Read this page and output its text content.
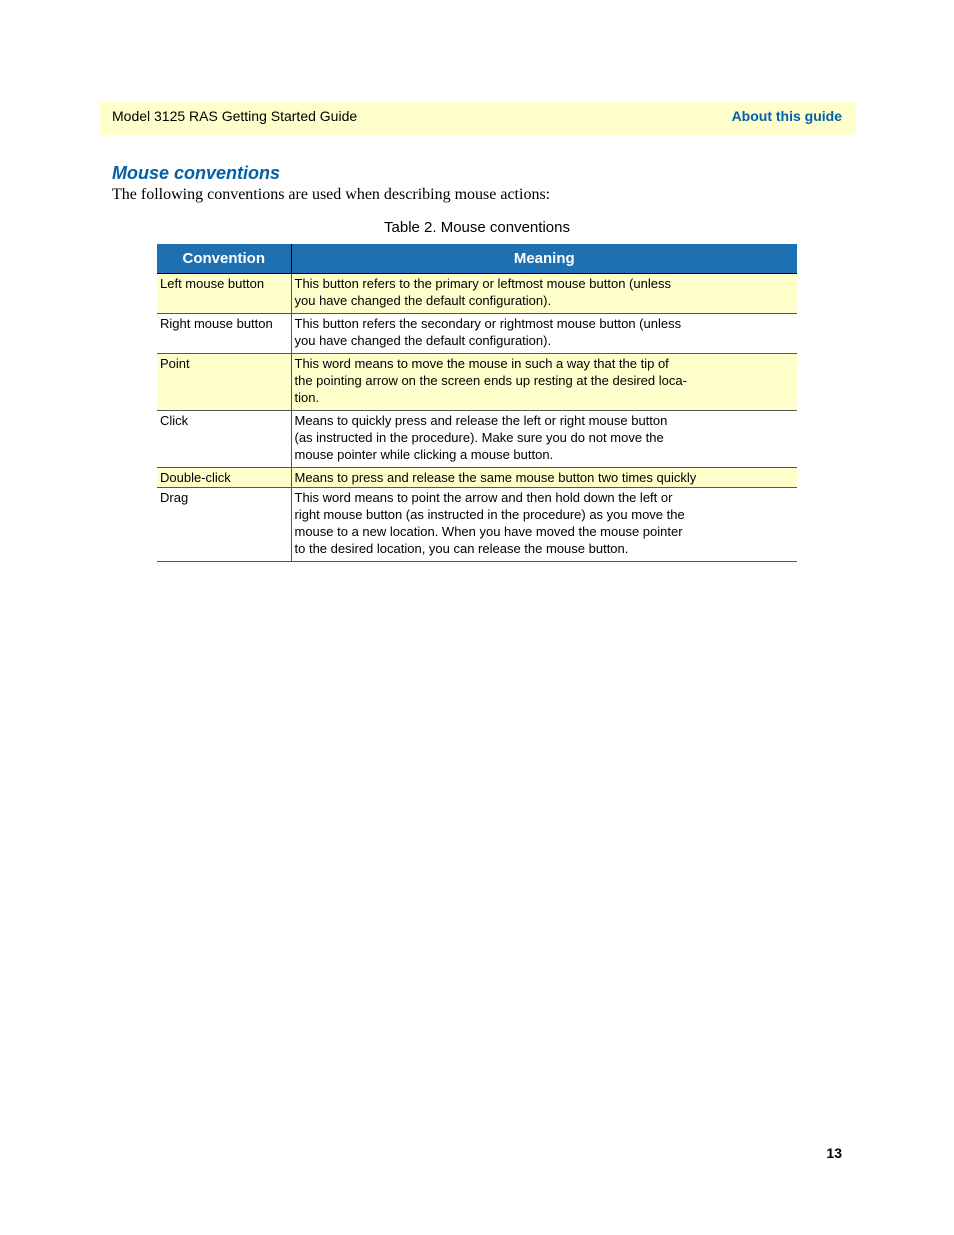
Model 3125 RAS Getting Started Guide	About this guide
Mouse conventions
The following conventions are used when describing mouse actions:
Table 2. Mouse conventions
Convention	Meaning
Left mouse button	This button refers to the primary or leftmost mouse button (unless
you have changed the default configuration).
Right mouse button	This button refers the secondary or rightmost mouse button (unless
you have changed the default configuration).
Point	This word means to move the mouse in such a way that the tip of
the pointing arrow on the screen ends up resting at the desired loca-
tion.
Click	Means to quickly press and release the left or right mouse button
(as instructed in the procedure). Make sure you do not move the
mouse pointer while clicking a mouse button.
Double-click	Means to press and release the same mouse button two times quickly
Drag	This word means to point the arrow and then hold down the left or
right mouse button (as instructed in the procedure) as you move the
mouse to a new location. When you have moved the mouse pointer
to the desired location, you can release the mouse button.
13
